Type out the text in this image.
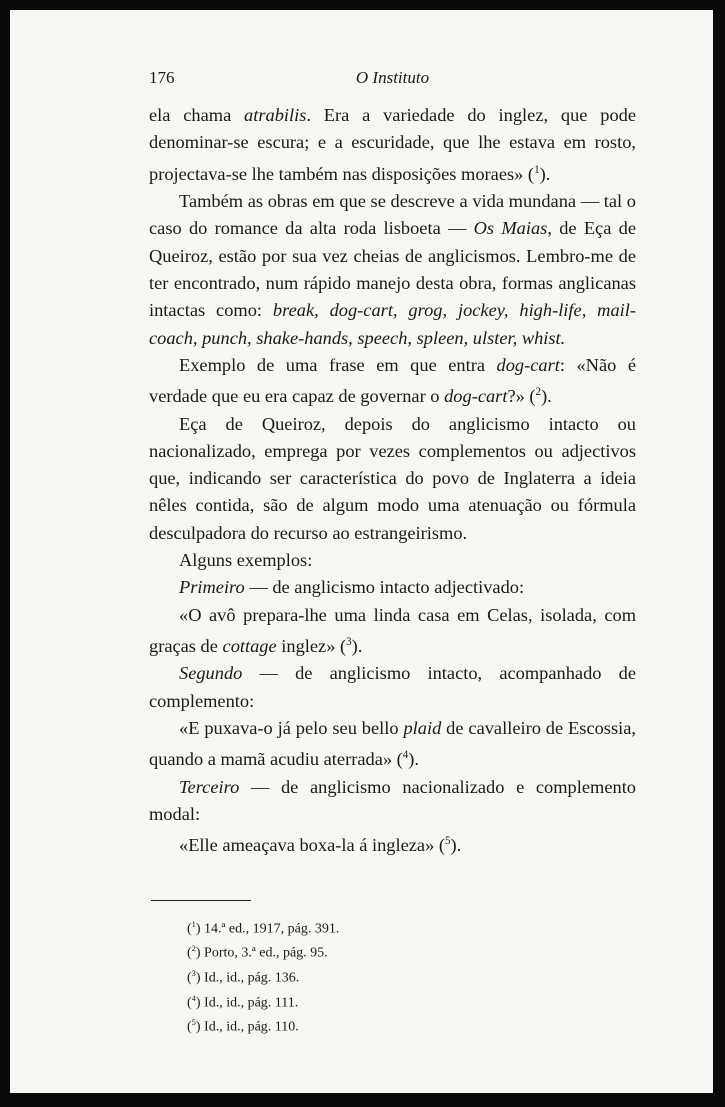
176	O Instituto

ela chama atrabilis. Era a variedade do inglez, que pode denominar-se escura; e a escuridade, que lhe estava em rosto, projectava-se lhe também nas disposições moraes» ($^1$).

Também as obras em que se descreve a vida mundana — tal o caso do romance da alta roda lisboeta — Os Maias, de Eça de Queiroz, estão por sua vez cheias de anglicismos. Lembro-me de ter encontrado, num rápido manejo desta obra, formas anglicanas intactas como: break, dog-cart, grog, jockey, high-life, mail-coach, punch, shake-hands, speech, spleen, ulster, whist.

Exemplo de uma frase em que entra dog-cart: «Não é verdade que eu era capaz de governar o dog-cart?» ($^2$).

Eça de Queiroz, depois do anglicismo intacto ou nacionalizado, emprega por vezes complementos ou adjectivos que, indicando ser característica do povo de Inglaterra a ideia nêles contida, são de algum modo uma atenuação ou fórmula desculpadora do recurso ao estrangeirismo.

Alguns exemplos:

Primeiro — de anglicismo intacto adjectivado:

«O avô prepara-lhe uma linda casa em Celas, isolada, com graças de cottage inglez» ($^3$).

Segundo — de anglicismo intacto, acompanhado de complemento:

«E puxava-o já pelo seu bello plaid de cavalleiro de Escossia, quando a mamã acudiu aterrada» ($^4$).

Terceiro — de anglicismo nacionalizado e complemento modal:

«Elle ameaçava boxa-la á ingleza» ($^5$).

($^1$) 14.ª ed., 1917, pág. 391.
($^2$) Porto, 3.ª ed., pág. 95.
($^3$) Id., id., pág. 136.
($^4$) Id., id., pág. 111.
($^5$) Id., id., pág. 110.
